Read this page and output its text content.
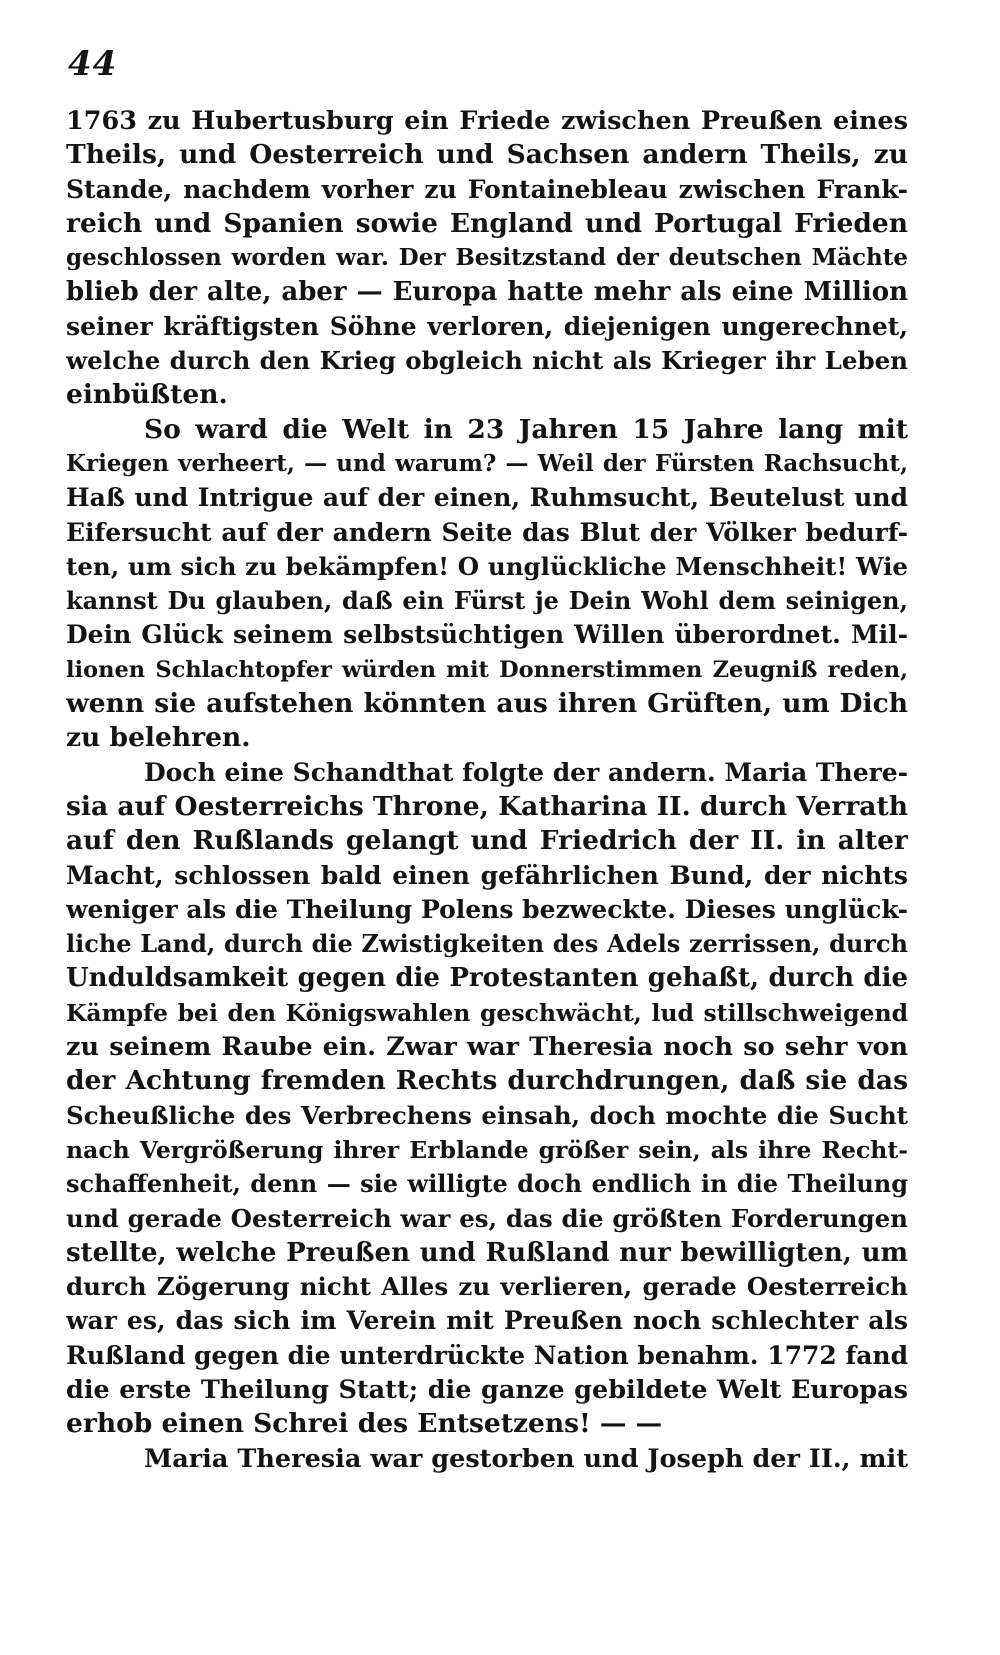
44
1763 zu Hubertusburg ein Friede zwischen Preußen eines
Theils, und Oesterreich und Sachsen andern Theils, zu
Stande, nachdem vorher zu Fontainebleau zwischen Frank-
reich und Spanien sowie England und Portugal Frieden
geschlossen worden war. Der Besitzstand der deutschen Mächte
blieb der alte, aber — Europa hatte mehr als eine Million
seiner kräftigsten Söhne verloren, diejenigen ungerechnet,
welche durch den Krieg obgleich nicht als Krieger ihr Leben
einbüßten.
So ward die Welt in 23 Jahren 15 Jahre lang mit
Kriegen verheert, — und warum? — Weil der Fürsten Rachsucht,
Haß und Intrigue auf der einen, Ruhmsucht, Beutelust und
Eifersucht auf der andern Seite das Blut der Völker bedurf-
ten, um sich zu bekämpfen! O unglückliche Menschheit! Wie
kannst Du glauben, daß ein Fürst je Dein Wohl dem seinigen,
Dein Glück seinem selbstsüchtigen Willen überordnet. Mil-
lionen Schlachtopfer würden mit Donnerstimmen Zeugniß reden,
wenn sie aufstehen könnten aus ihren Grüften, um Dich
zu belehren.
Doch eine Schandthat folgte der andern. Maria There-
sia auf Oesterreichs Throne, Katharina II. durch Verrath
auf den Rußlands gelangt und Friedrich der II. in alter
Macht, schlossen bald einen gefährlichen Bund, der nichts
weniger als die Theilung Polens bezweckte. Dieses unglück-
liche Land, durch die Zwistigkeiten des Adels zerrissen, durch
Unduldsamkeit gegen die Protestanten gehaßt, durch die
Kämpfe bei den Königswahlen geschwächt, lud stillschweigend
zu seinem Raube ein. Zwar war Theresia noch so sehr von
der Achtung fremden Rechts durchdrungen, daß sie das
Scheußliche des Verbrechens einsah, doch mochte die Sucht
nach Vergrößerung ihrer Erblande größer sein, als ihre Recht-
schaffenheit, denn — sie willigte doch endlich in die Theilung
und gerade Oesterreich war es, das die größten Forderungen
stellte, welche Preußen und Rußland nur bewilligten, um
durch Zögerung nicht Alles zu verlieren, gerade Oesterreich
war es, das sich im Verein mit Preußen noch schlechter als
Rußland gegen die unterdrückte Nation benahm. 1772 fand
die erste Theilung Statt; die ganze gebildete Welt Europas
erhob einen Schrei des Entsetzens! — —
Maria Theresia war gestorben und Joseph der II., mit
